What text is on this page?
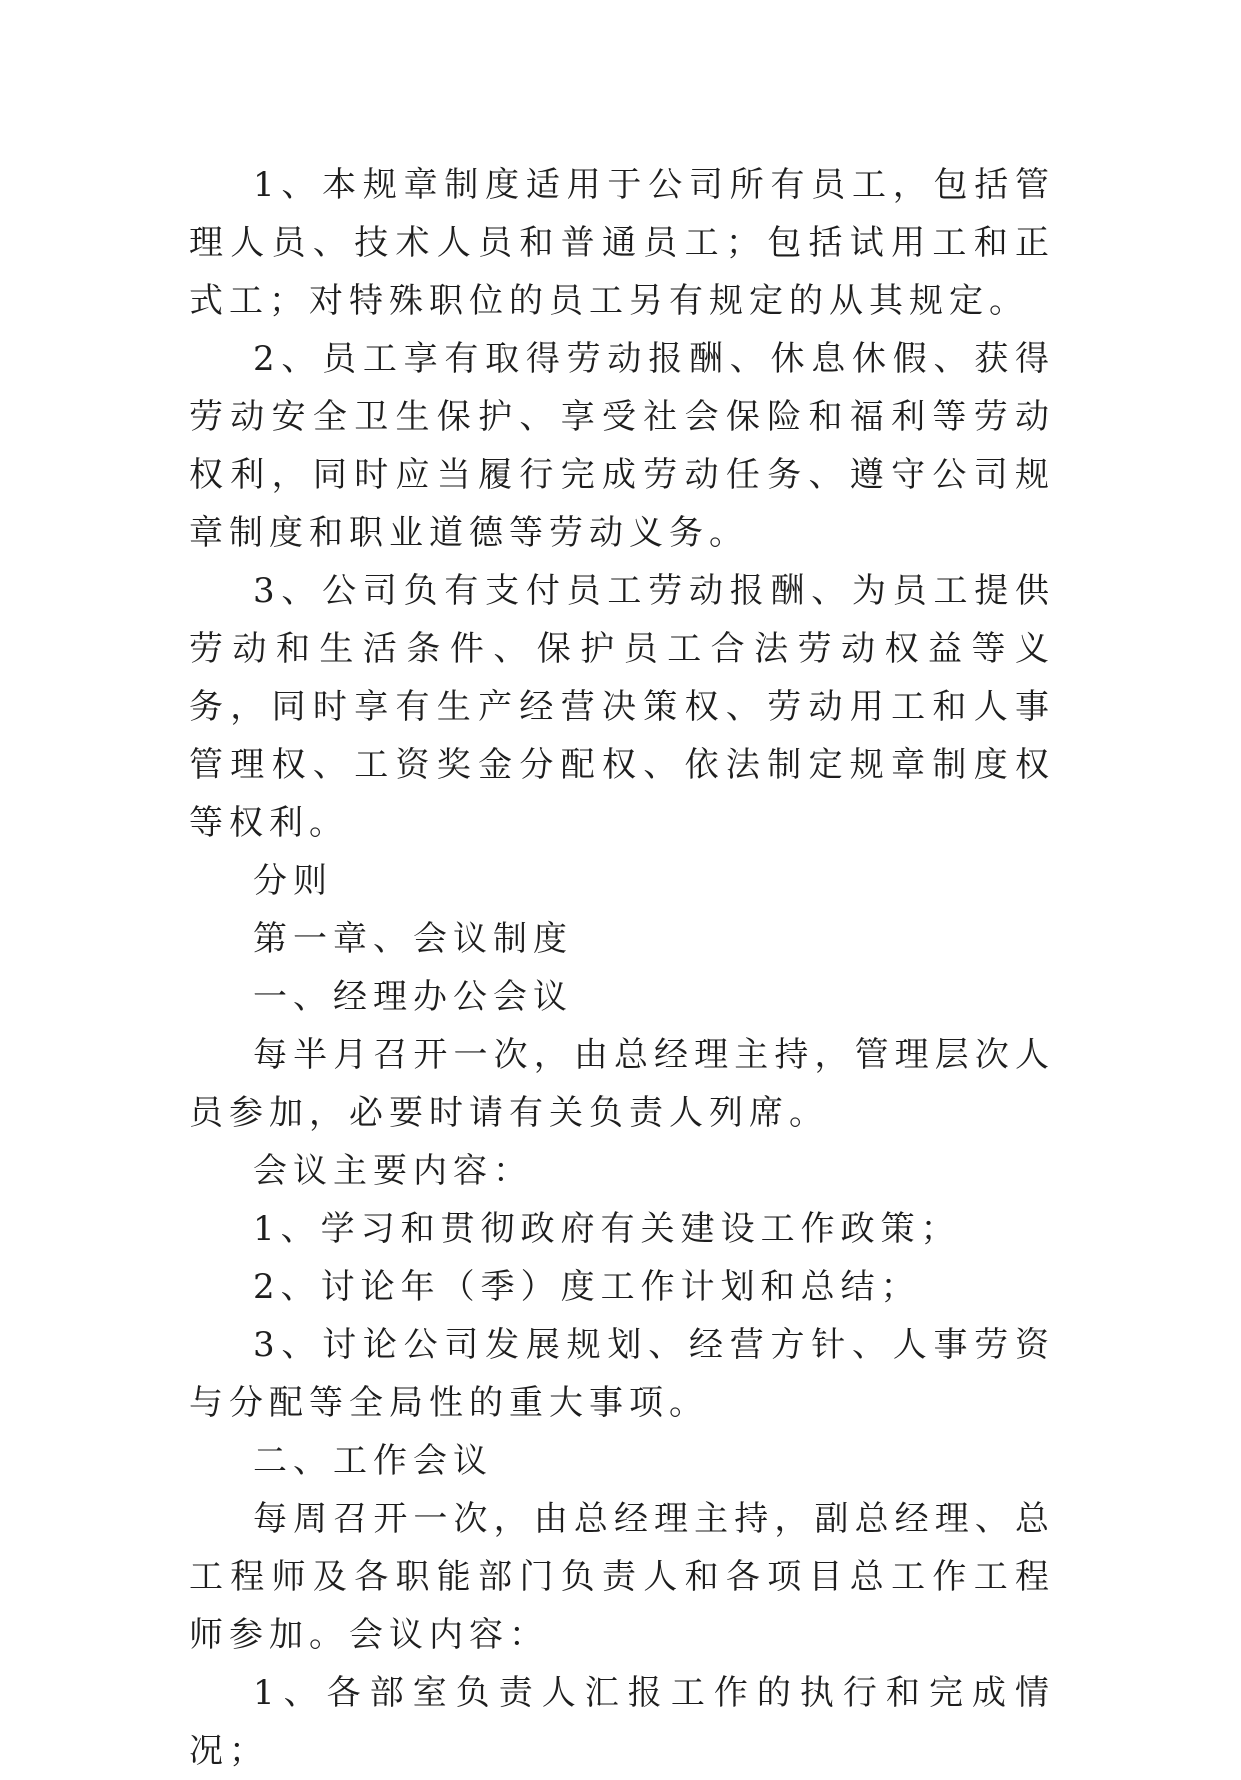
1、本规章制度适用于公司所有员工，包括管理人员、技术人员和普通员工；包括试用工和正式工；对特殊职位的员工另有规定的从其规定。

2、员工享有取得劳动报酬、休息休假、获得劳动安全卫生保护、享受社会保险和福利等劳动权利，同时应当履行完成劳动任务、遵守公司规章制度和职业道德等劳动义务。

3、公司负有支付员工劳动报酬、为员工提供劳动和生活条件、保护员工合法劳动权益等义务，同时享有生产经营决策权、劳动用工和人事管理权、工资奖金分配权、依法制定规章制度权等权利。

分则

第一章、会议制度

一、经理办公会议

每半月召开一次，由总经理主持，管理层次人员参加，必要时请有关负责人列席。

会议主要内容：

1、学习和贯彻政府有关建设工作政策；

2、讨论年（季）度工作计划和总结；

3、讨论公司发展规划、经营方针、人事劳资与分配等全局性的重大事项。

二、工作会议

每周召开一次，由总经理主持，副总经理、总工程师及各职能部门负责人和各项目总工作工程师参加。会议内容：

1、各部室负责人汇报工作的执行和完成情况；
